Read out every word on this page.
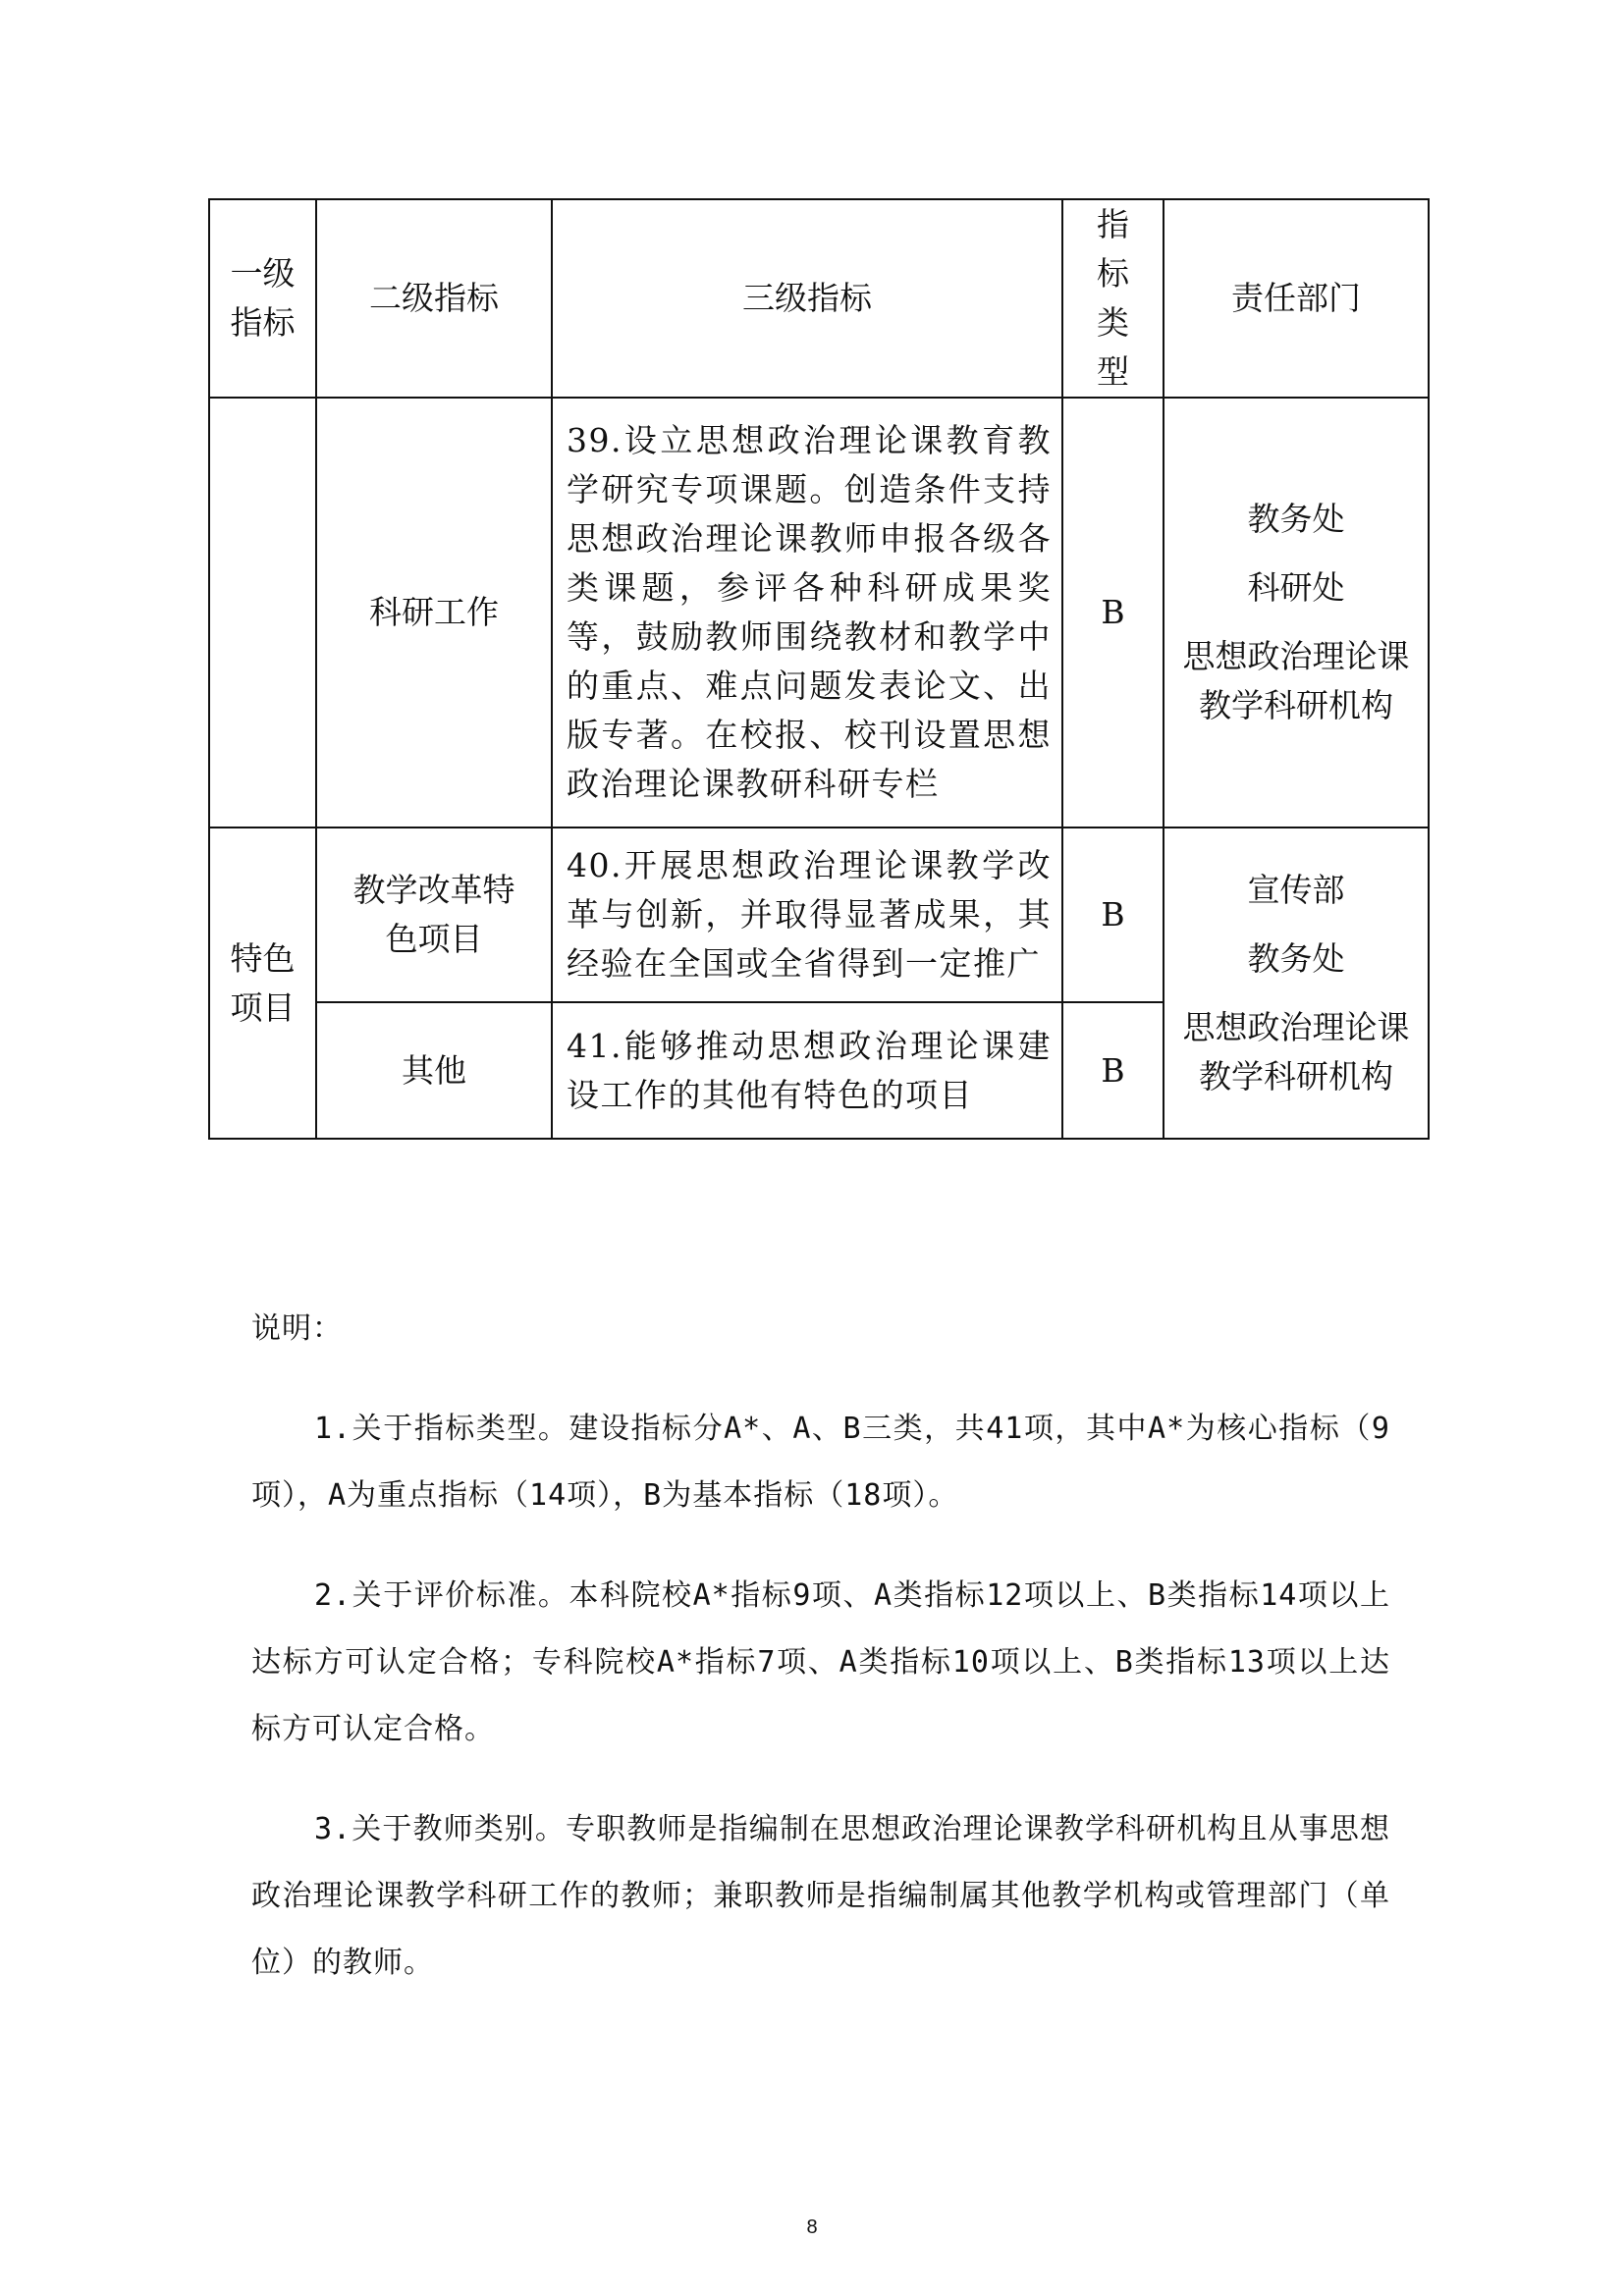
一级指标	二级指标	三级指标	指标类型	责任部门
	科研工作	39.设立思想政治理论课教育教学研究专项课题。创造条件支持思想政治理论课教师申报各级各类课题，参评各种科研成果奖等，鼓励教师围绕教材和教学中的重点、难点问题发表论文、出版专著。在校报、校刊设置思想政治理论课教研科研专栏	B	教务处
科研处
思想政治理论课教学科研机构

特色项目	教学改革特色项目	40.开展思想政治理论课教学改革与创新，并取得显著成果，其经验在全国或全省得到一定推广	B	宣传部
教务处
思想政治理论课教学科研机构

	其他	41.能够推动思想政治理论课建设工作的其他有特色的项目	B	

说明：

1.关于指标类型。建设指标分A*、A、B三类，共41项，其中A*为核心指标（9项），A为重点指标（14项），B为基本指标（18项）。

2.关于评价标准。本科院校A*指标9项、A类指标12项以上、B类指标14项以上达标方可认定合格；专科院校A*指标7项、A类指标10项以上、B类指标13项以上达标方可认定合格。

3.关于教师类别。专职教师是指编制在思想政治理论课教学科研机构且从事思想政治理论课教学科研工作的教师；兼职教师是指编制属其他教学机构或管理部门（单位）的教师。

8
